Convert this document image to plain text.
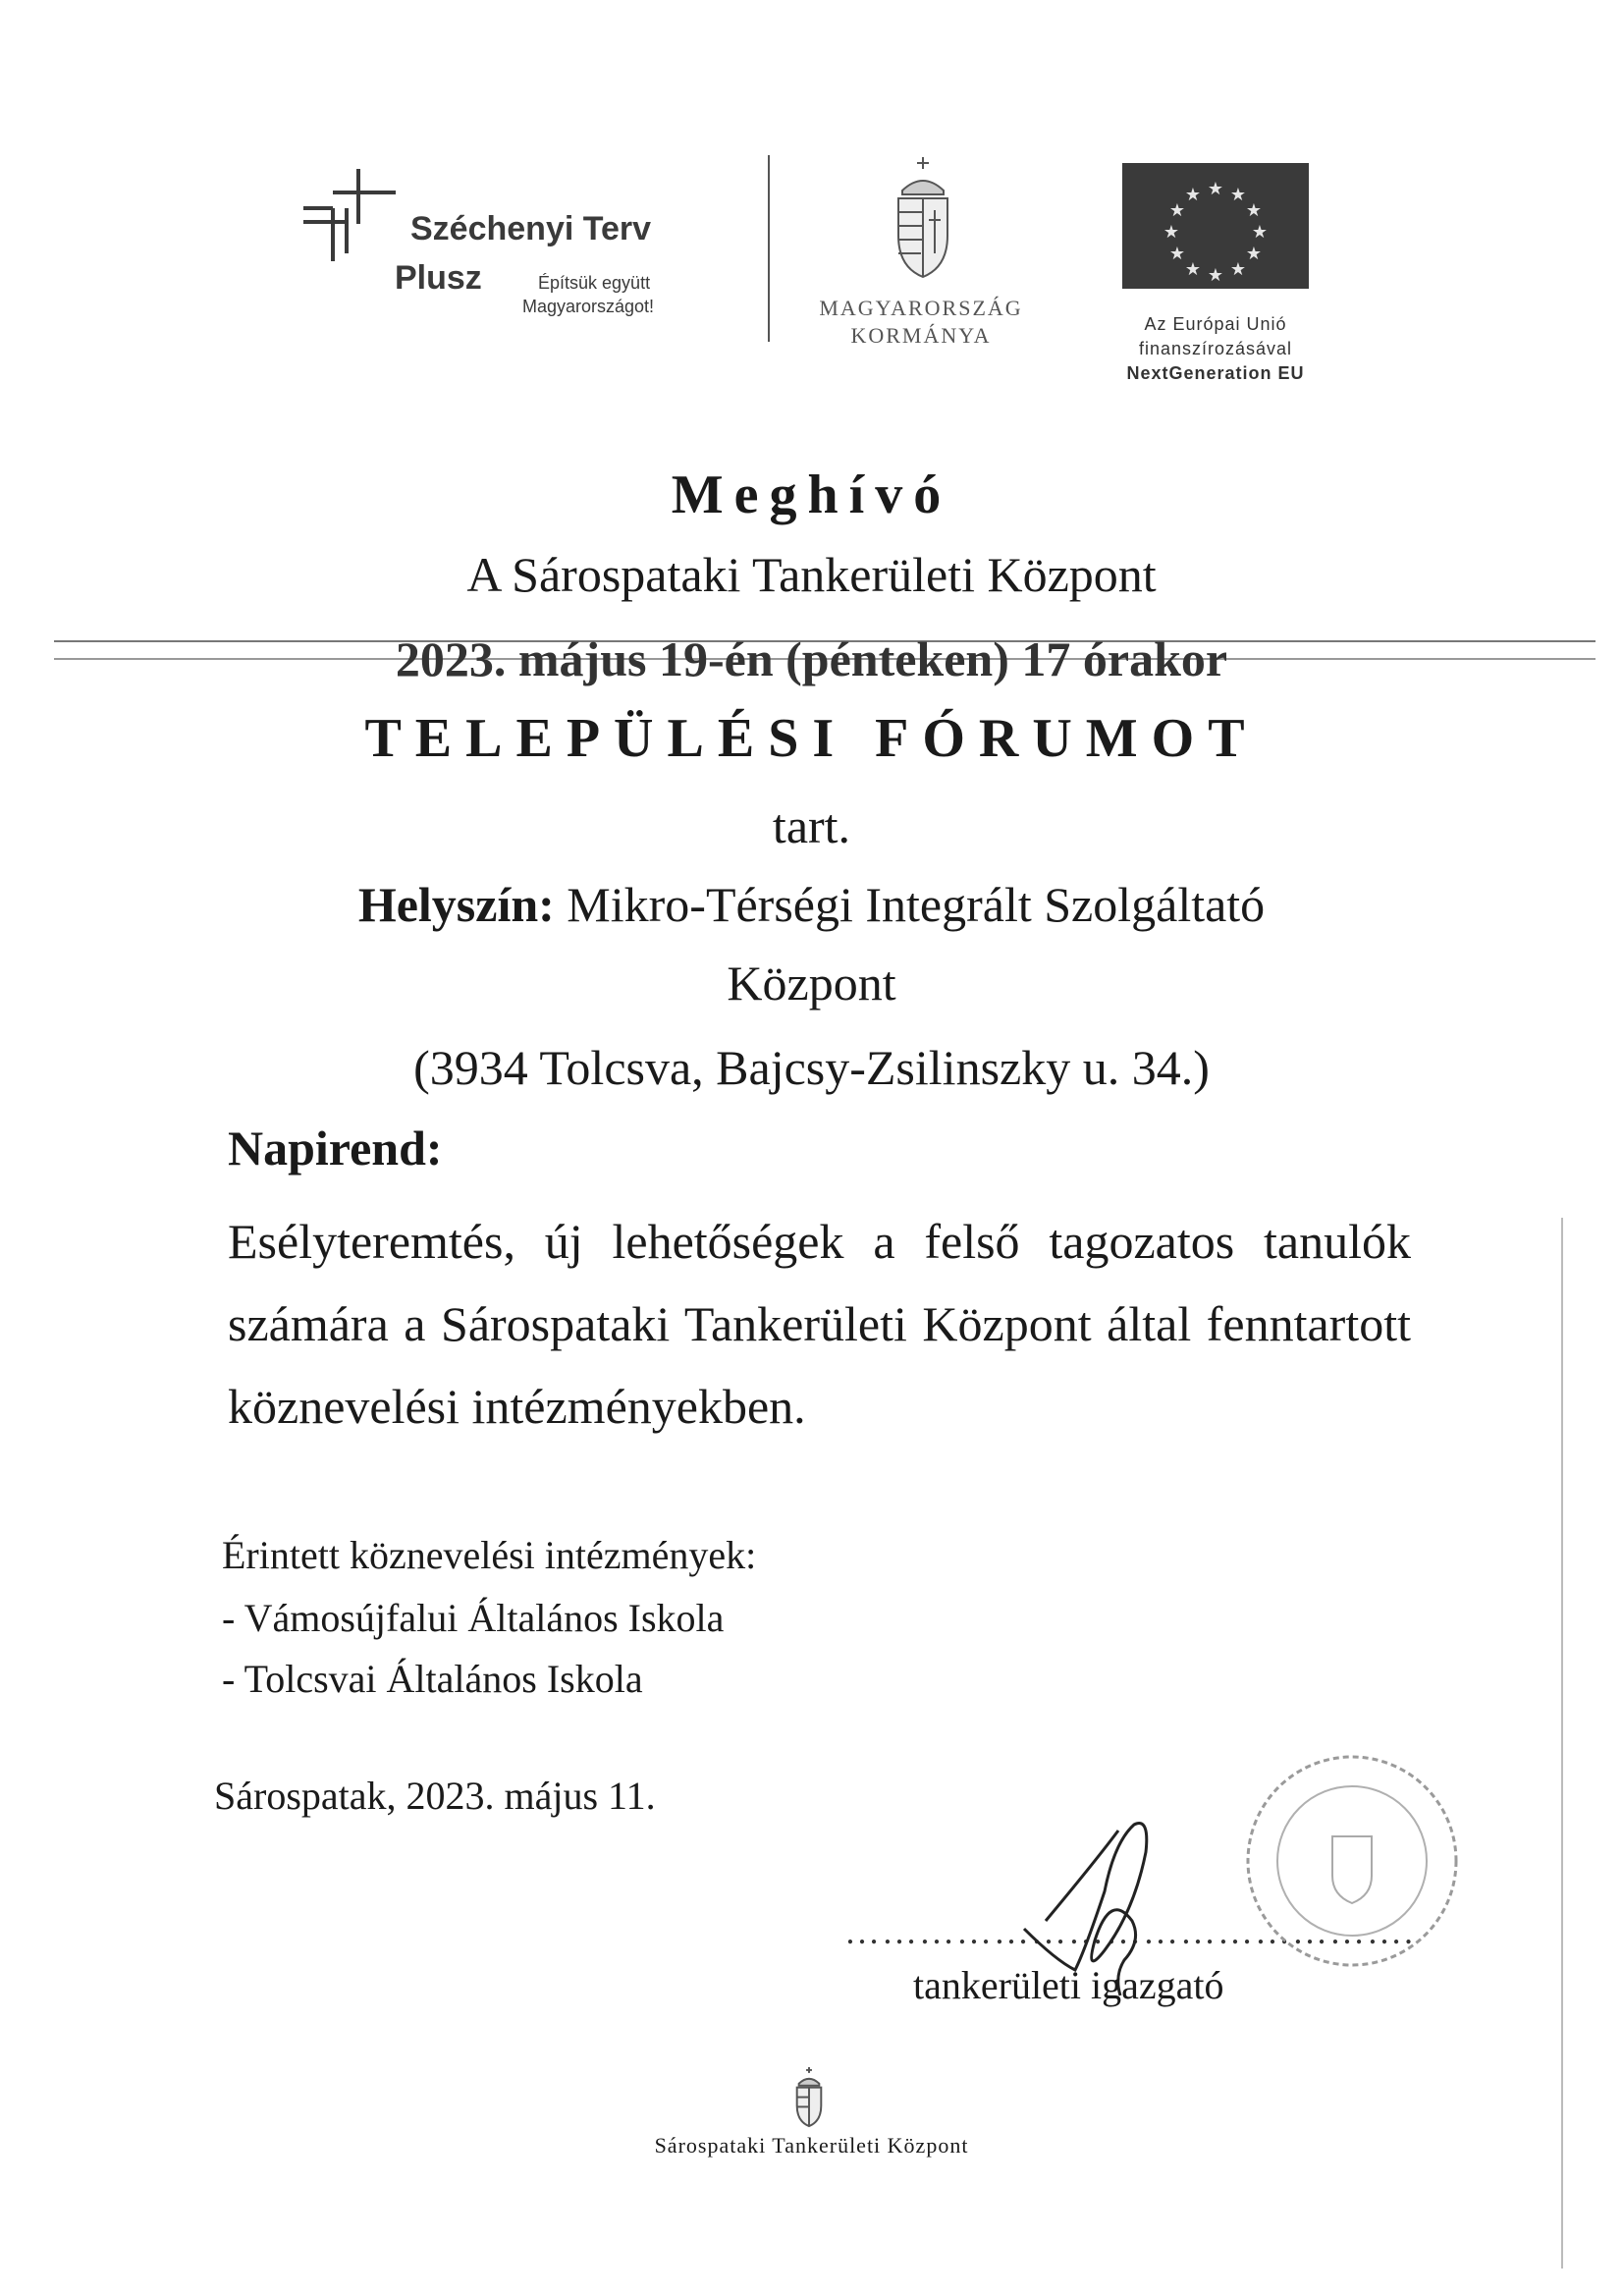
Széchenyi Terv
Plusz	Építsük együtt
Magyarországot!	MAGYARORSZÁG KORMÁNYA
★ ★
★
★
★
★
★
★
★
★
★
★
Az Európai Unió
finanszírozásával
NextGeneration EU
Meghívó
A Sárospataki Tankerületi Központ
2023. május 19-én (pénteken) 17 órakor
TELEPÜLÉSI FÓRUMOT
tart.
Helyszín: Mikro-Térségi Integrált Szolgáltató
Központ
(3934 Tolcsva, Bajcsy-Zsilinszky u. 34.)
Napirend:
Esélyteremtés, új lehetőségek a felső tagozatos tanulók számára a Sárospataki Tankerületi Központ által fenntartott köznevelési intézményekben.
Érintett köznevelési intézmények:
- Vámosújfalui Általános Iskola
- Tolcsvai Általános Iskola
Sárospatak, 2023. május 11.
……………………………………….
tankerületi igazgató
Sárospataki Tankerületi Központ
